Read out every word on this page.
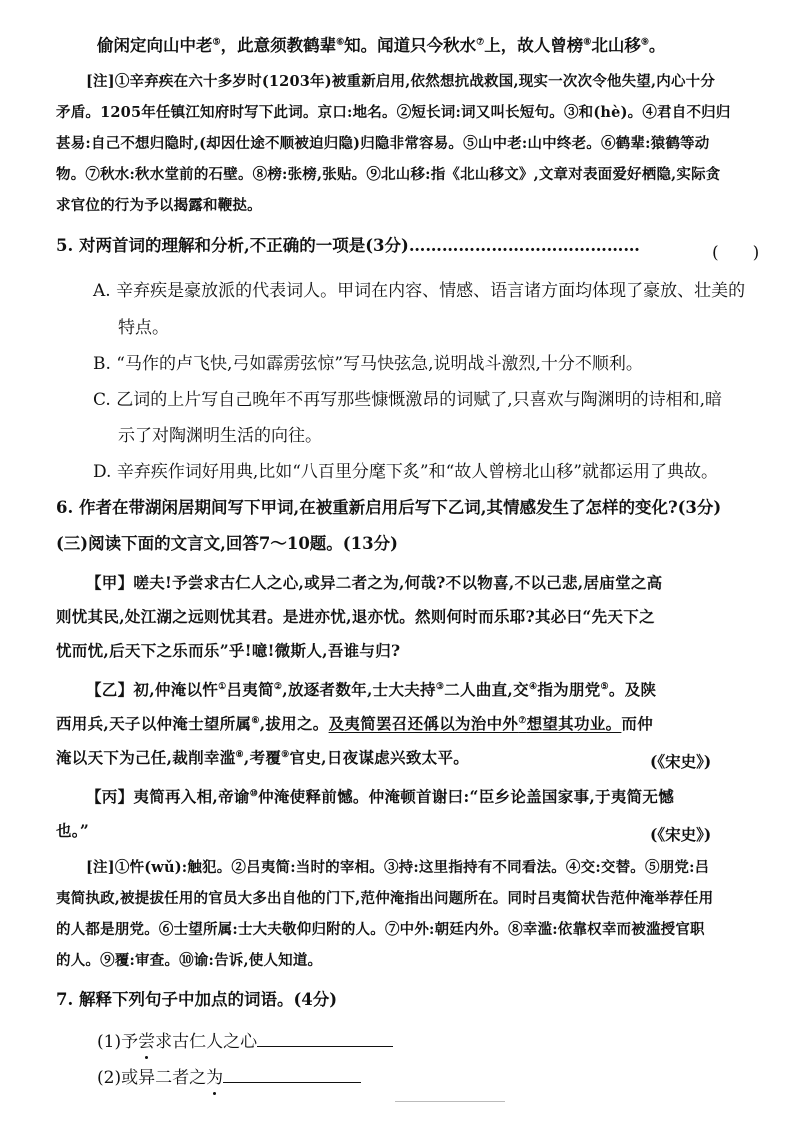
偷闲定向山中老⑤，此意须教鹤辈⑥知。闻道只今秋水⑦上，故人曾榜⑧北山移⑨。
[注]①辛弃疾在六十多岁时(1203年)被重新启用,依然想抗战救国,现实一次次令他失望,内心十分
矛盾。1205年任镇江知府时写下此词。京口:地名。②短长词:词又叫长短句。③和(hè)。④君自不归归
甚易:自己不想归隐时,(却因仕途不顺被迫归隐)归隐非常容易。⑤山中老:山中终老。⑥鹤辈:猿鹤等动
物。⑦秋水:秋水堂前的石壁。⑧榜:张榜,张贴。⑨北山移:指《北山移文》,文章对表面爱好栖隐,实际贪
求官位的行为予以揭露和鞭挞。
5. 对两首词的理解和分析,不正确的一项是(3分)……………………………………	(　　)
A. 辛弃疾是豪放派的代表词人。甲词在内容、情感、语言诸方面均体现了豪放、壮美的
特点。
B. “马作的卢飞快,弓如霹雳弦惊”写马快弦急,说明战斗激烈,十分不顺利。
C. 乙词的上片写自己晚年不再写那些慷慨激昂的词赋了,只喜欢与陶渊明的诗相和,暗
示了对陶渊明生活的向往。
D. 辛弃疾作词好用典,比如“八百里分麾下炙”和“故人曾榜北山移”就都运用了典故。
6. 作者在带湖闲居期间写下甲词,在被重新启用后写下乙词,其情感发生了怎样的变化?(3分)
(三)阅读下面的文言文,回答7～10题。(13分)
【甲】嗟夫!予尝求古仁人之心,或异二者之为,何哉?不以物喜,不以己悲,居庙堂之高
则忧其民,处江湖之远则忧其君。是进亦忧,退亦忧。然则何时而乐耶?其必曰“先天下之
忧而忧,后天下之乐而乐”乎!噫!微斯人,吾谁与归?
【乙】初,仲淹以忤①吕夷简②,放逐者数年,士大夫持③二人曲直,交④指为朋党⑤。及陕
西用兵,天子以仲淹士望所属⑥,拔用之。及夷简罢召还偁以为治中外⑦想望其功业。而仲
淹以天下为己任,裁削幸滥⑧,考覆⑨官史,日夜谋虑兴致太平。	(《宋史》)
【丙】夷简再入相,帝谕⑩仲淹使释前憾。仲淹顿首谢曰:“臣乡论盖国家事,于夷简无憾
也。”	(《宋史》)
[注]①忤(wǔ):触犯。②吕夷简:当时的宰相。③持:这里指持有不同看法。④交:交替。⑤朋党:吕
夷简执政,被提拔任用的官员大多出自他的门下,范仲淹指出问题所在。同时吕夷简状告范仲淹举荐任用
的人都是朋党。⑥士望所属:士大夫敬仰归附的人。⑦中外:朝廷内外。⑧幸滥:依靠权幸而被滥授官职
的人。⑨覆:审查。⑩谕:告诉,使人知道。
7. 解释下列句子中加点的词语。(4分)
(1)予尝求古仁人之心
(2)或异二者之为
